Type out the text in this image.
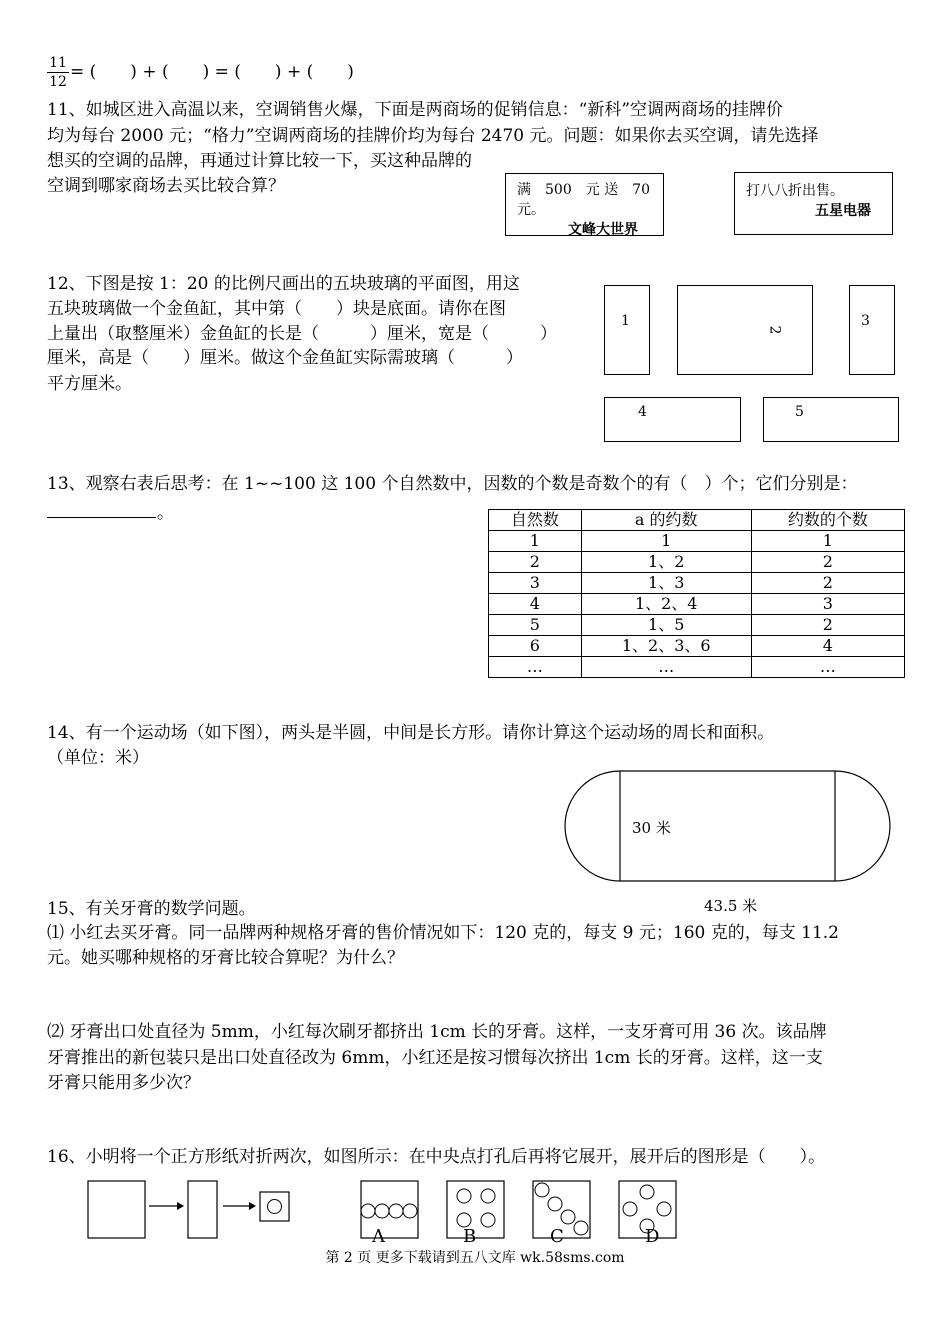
$\frac{11}{12}$ = (　　) + (　　) = (　　) + (　　)
11、如城区进入高温以来，空调销售火爆，下面是两商场的促销信息：“新科”空调两商场的挂牌价
均为每台 2000 元；“格力”空调两商场的挂牌价均为每台 2470 元。问题：如果你去买空调，请先选择
想买的空调的品牌，再通过计算比较一下，买这种品牌的
空调到哪家商场去买比较合算？	满　500　元 送　70
元。
文峰大世界
打八八折出售。
五星电器
12、下图是按 1：20 的比例尺画出的五块玻璃的平面图，用这
五块玻璃做一个金鱼缸，其中第（　　）块是底面。请你在图
上量出（取整厘米）金鱼缸的长是（　　　）厘米，宽是（　　　）
厘米，高是（　　）厘米。做这个金鱼缸实际需玻璃（　　　）
平方厘米。
1
2
3
4	5
13、观察右表后思考：在 1~~100 这 100 个自然数中，因数的个数是奇数个的有（　）个；它们分别是：
。	自然数	a 的约数	约数的个数
1	1	1
2	1、2	2
3	1、3	2
4	1、2、4	3
5	1、5	2
6	1、2、3、6	4
…	…	…
14、有一个运动场（如下图），两头是半圆，中间是长方形。请你计算这个运动场的周长和面积。
（单位：米）
30 米
43.5 米
15、有关牙膏的数学问题。
⑴ 小红去买牙膏。同一品牌两种规格牙膏的售价情况如下：120 克的，每支 9 元；160 克的，每支 11.2
元。她买哪种规格的牙膏比较合算呢？为什么？
⑵ 牙膏出口处直径为 5mm，小红每次刷牙都挤出 1cm 长的牙膏。这样，一支牙膏可用 36 次。该品牌
牙膏推出的新包装只是出口处直径改为 6mm，小红还是按习惯每次挤出 1cm 长的牙膏。这样，这一支
牙膏只能用多少次？
16、小明将一个正方形纸对折两次，如图所示：在中央点打孔后再将它展开，展开后的图形是（　　）。
A	B	C	D
第 2 页 更多下载请到五八文库 wk.58sms.com
